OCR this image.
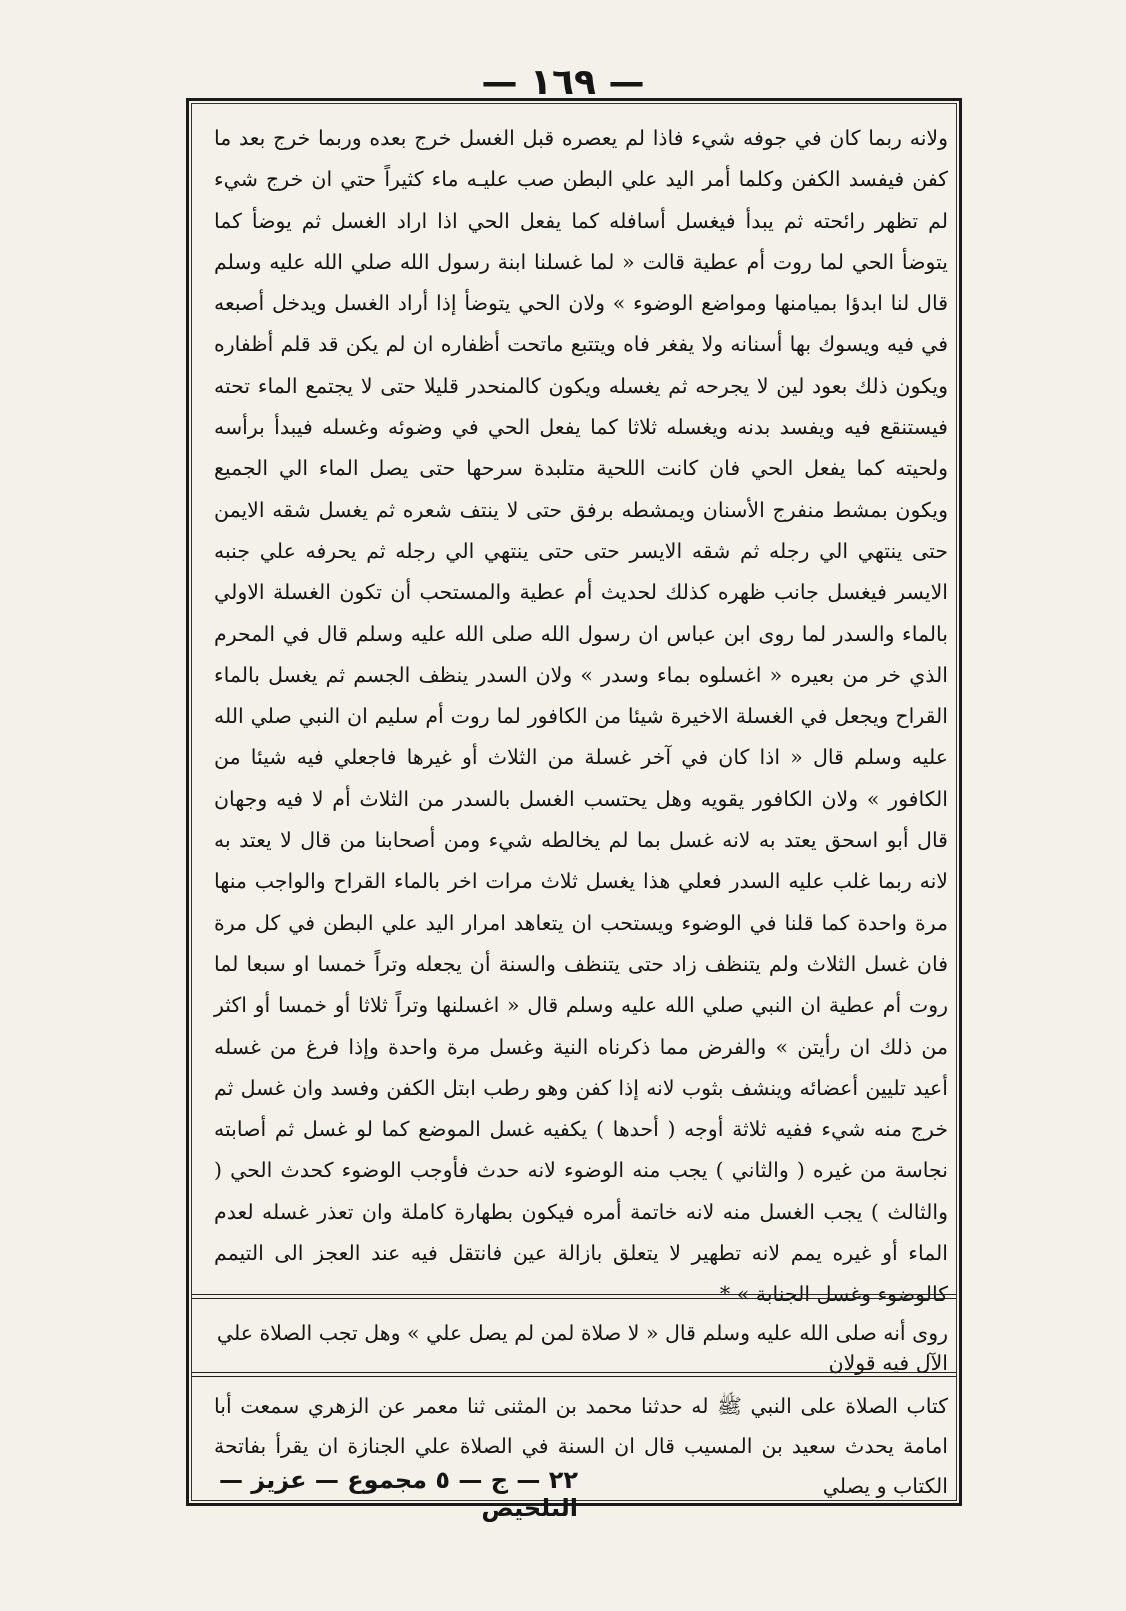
— ١٦٩ —

ولانه ربما كان في جوفه شيء فاذا لم يعصره قبل الغسل خرج بعده وربما خرج بعد ما كفن فيفسد الكفن وكلما أمر اليد علي البطن صب عليـه ماء كثيراً حتي ان خرج شيء لم تظهر رائحته ثم يبدأ فيغسل أسافله كما يفعل الحي اذا اراد الغسل ثم يوضأ كما يتوضأ الحي لما روت أم عطية قالت « لما غسلنا ابنة رسول الله صلي الله عليه وسلم قال لنا ابدؤا بميامنها ومواضع الوضوء » ولان الحي يتوضأ إذا أراد الغسل ويدخل أصبعه في فيه ويسوك بها أسنانه ولا يفغر فاه ويتتبع ماتحت أظفاره ان لم يكن قد قلم أظفاره ويكون ذلك بعود لين لا يجرحه ثم يغسله ويكون كالمنحدر قليلا حتى لا يجتمع الماء تحته فيستنقع فيه ويفسد بدنه ويغسله ثلاثا كما يفعل الحي في وضوئه وغسله فيبدأ برأسه ولحيته كما يفعل الحي فان كانت اللحية متلبدة سرحها حتى يصل الماء الي الجميع ويكون بمشط منفرج الأسنان ويمشطه برفق حتى لا ينتف شعره ثم يغسل شقه الايمن حتى ينتهي الي رجله ثم شقه الايسر حتى حتى ينتهي الي رجله ثم يحرفه علي جنبه الايسر فيغسل جانب ظهره كذلك لحديث أم عطية والمستحب أن تكون الغسلة الاولي بالماء والسدر لما روى ابن عباس ان رسول الله صلى الله عليه وسلم قال في المحرم الذي خر من بعيره « اغسلوه بماء وسدر » ولان السدر ينظف الجسم ثم يغسل بالماء القراح ويجعل في الغسلة الاخيرة شيئا من الكافور لما روت أم سليم ان النبي صلي الله عليه وسلم قال « اذا كان في آخر غسلة من الثلاث أو غيرها فاجعلي فيه شيئا من الكافور » ولان الكافور يقويه وهل يحتسب الغسل بالسدر من الثلاث أم لا فيه وجهان قال أبو اسحق يعتد به لانه غسل بما لم يخالطه شيء ومن أصحابنا من قال لا يعتد به لانه ربما غلب عليه السدر فعلي هذا يغسل ثلاث مرات اخر بالماء القراح والواجب منها مرة واحدة كما قلنا في الوضوء ويستحب ان يتعاهد امرار اليد علي البطن في كل مرة فان غسل الثلاث ولم يتنظف زاد حتى يتنظف والسنة أن يجعله وتراً خمسا او سبعا لما روت أم عطية ان النبي صلي الله عليه وسلم قال « اغسلنها وتراً ثلاثا أو خمسا أو اكثر من ذلك ان رأيتن » والفرض مما ذكرناه النية وغسل مرة واحدة وإذا فرغ من غسله أعيد تليين أعضائه وينشف بثوب لانه إذا كفن وهو رطب ابتل الكفن وفسد وان غسل ثم خرج منه شيء ففيه ثلاثة أوجه ( أحدها ) يكفيه غسل الموضع كما لو غسل ثم أصابته نجاسة من غيره ( والثاني ) يجب منه الوضوء لانه حدث فأوجب الوضوء كحدث الحي ( والثالث ) يجب الغسل منه لانه خاتمة أمره فيكون بطهارة كاملة وان تعذر غسله لعدم الماء أو غيره يمم لانه تطهير لا يتعلق بازالة عين فانتقل فيه عند العجز الى التيمم كالوضوء وغسل الجنابة » *

روى أنه صلى الله عليه وسلم قال « لا صلاة لمن لم يصل علي » وهل تجب الصلاة علي الآل فيه قولان
كتاب الصلاة على النبي ﷺ له حدثنا محمد بن المثنى ثنا معمر عن الزهري سمعت أبا امامة يحدث سعيد بن المسيب قال ان السنة في الصلاة علي الجنازة ان يقرأ بفاتحة الكتاب و يصلي
٢٢ — ج — ٥ مجموع — عزيز — التلخيص
